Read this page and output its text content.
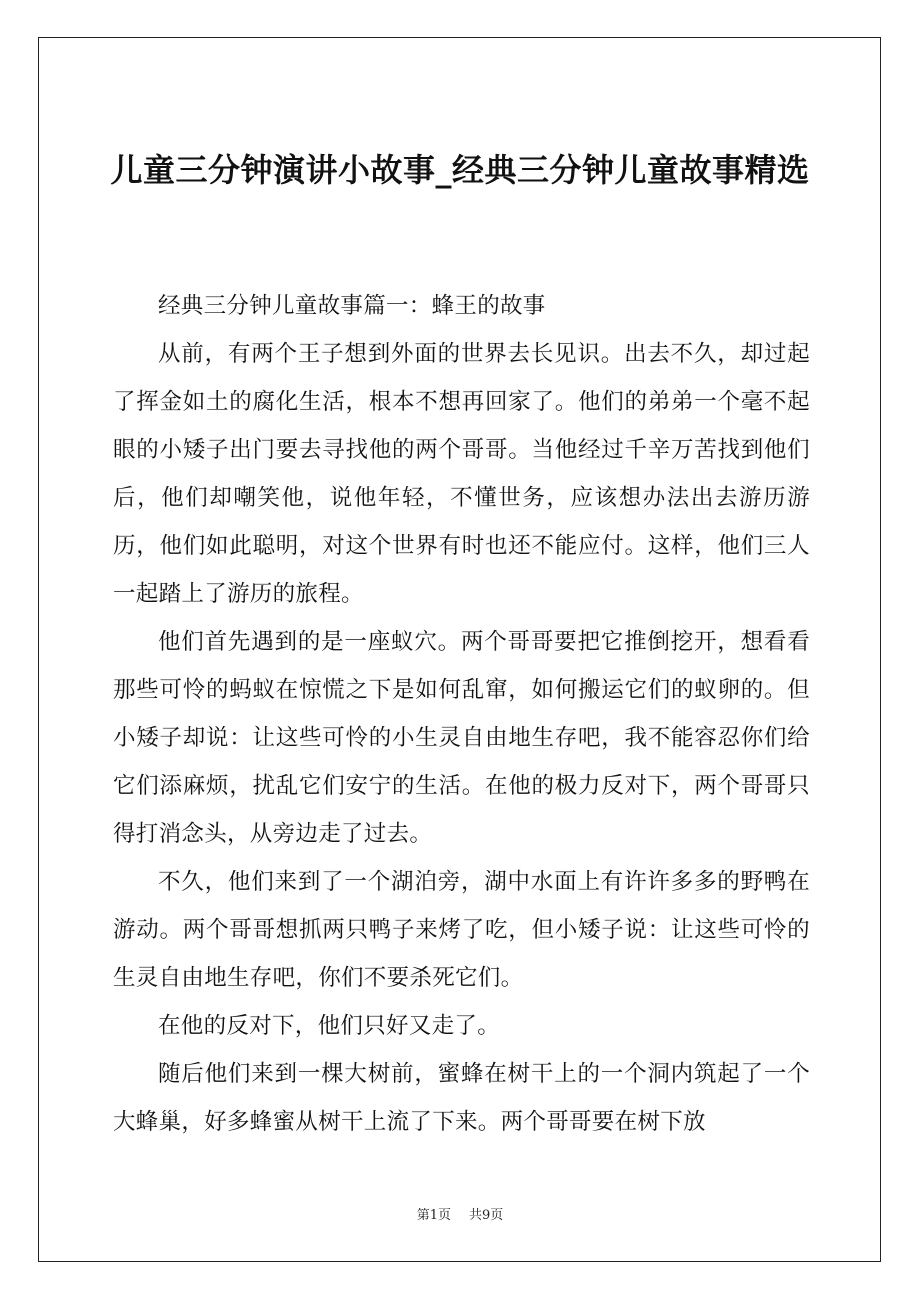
儿童三分钟演讲小故事_经典三分钟儿童故事精选

经典三分钟儿童故事篇一：蜂王的故事

从前，有两个王子想到外面的世界去长见识。出去不久，却过起了挥金如土的腐化生活，根本不想再回家了。他们的弟弟一个毫不起眼的小矮子出门要去寻找他的两个哥哥。当他经过千辛万苦找到他们后，他们却嘲笑他，说他年轻，不懂世务，应该想办法出去游历游历，他们如此聪明，对这个世界有时也还不能应付。这样，他们三人一起踏上了游历的旅程。

他们首先遇到的是一座蚁穴。两个哥哥要把它推倒挖开，想看看那些可怜的蚂蚁在惊慌之下是如何乱窜，如何搬运它们的蚁卵的。但小矮子却说：让这些可怜的小生灵自由地生存吧，我不能容忍你们给它们添麻烦，扰乱它们安宁的生活。在他的极力反对下，两个哥哥只得打消念头，从旁边走了过去。

不久，他们来到了一个湖泊旁，湖中水面上有许许多多的野鸭在游动。两个哥哥想抓两只鸭子来烤了吃，但小矮子说：让这些可怜的生灵自由地生存吧，你们不要杀死它们。

在他的反对下，他们只好又走了。

随后他们来到一棵大树前，蜜蜂在树干上的一个洞内筑起了一个大蜂巢，好多蜂蜜从树干上流了下来。两个哥哥要在树下放

第1页 共9页
